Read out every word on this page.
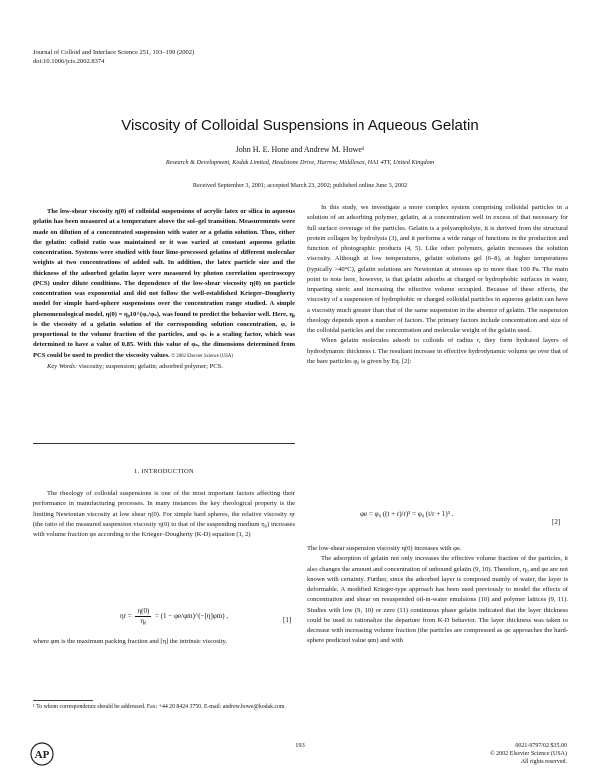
Journal of Colloid and Interface Science 251, 193–199 (2002)
doi:10.1006/jcis.2002.8374
Viscosity of Colloidal Suspensions in Aqueous Gelatin
John H. E. Hone and Andrew M. Howe¹
Research & Development, Kodak Limited, Headstone Drive, Harrow, Middlesex, HA1 4TY, United Kingdom
Received September 3, 2001; accepted March 23, 2002; published online June 3, 2002

The low-shear viscosity η(0) of colloidal suspensions of acrylic latex or silica in aqueous gelatin has been measured at a temperature above the sol–gel transition. Measurements were made on dilution of a concentrated suspension with water or a gelatin solution. Thus, either the gelatin: colloid ratio was maintained or it was varied at constant aqueous gelatin concentration. Systems were studied with four lime-processed gelatins of different molecular weights at two concentrations of added salt. In addition, the latex particle size and the thickness of the adsorbed gelatin layer were measured by photon correlation spectroscopy (PCS) under dilute conditions. The dependence of the low-shear viscosity η(0) on particle concentration was exponential and did not follow the well-established Krieger–Dougherty model for simple hard-sphere suspensions over the concentration range studied. A simple phenomenological model, η(0) = η₀10^(φᵥ/φₛ), was found to predict the behavior well. Here, η₀ is the viscosity of a gelatin solution of the corresponding solution concentration, φᵥ is proportional to the volume fraction of the particles, and φₛ is a scaling factor, which was determined to have a value of 0.85. With this value of φₛ, the dimensions determined from PCS could be used to predict the viscosity values. © 2002 Elsevier Science (USA)

Key Words: viscosity; suspension; gelatin; adsorbed polymer; PCS.

1. INTRODUCTION

The rheology of colloidal suspensions is one of the most important factors affecting their performance in manufacturing processes. In many instances the key rheological property is the limiting Newtonian viscosity at low shear η(0). For simple hard spheres, the relative viscosity ηr (the ratio of the measured suspension viscosity η(0) to that of the suspending medium η₀) increases with volume fraction φe according to the Krieger–Dougherty (K-D) equation (1, 2)

$\eta r = \frac{\eta(0)}{\text{η₀}} = (1$ − φe/φm)^(−[η]φm) ,	[1]
where φm is the maximum packing fraction and [η] the intrinsic viscosity.
¹ To whom correspondence should be addressed. Fax: +44 20 8424 3750. E-mail: andrew.howe@kodak.com.

In this study, we investigate a more complex system comprising colloidal particles in a solution of an adsorbing polymer, gelatin, at a concentration well in excess of that necessary for full surface coverage of the particles. Gelatin is a polyampholyte, it is derived from the structural protein collagen by hydrolysis (3), and it performs a wide range of functions in the production and function of photographic products (4, 5). Like other polymers, gelatin increases the solution viscosity. Although at low temperatures, gelatin solutions gel (6–8), at higher temperatures (typically >40°C), gelatin solutions are Newtonian at stresses up to more than 100 Pa. The main point to note here, however, is that gelatin adsorbs at charged or hydrophobic surfaces in water, imparting steric and increasing the effective volume occupied. Because of these effects, the viscosity of a suspension of hydrophobic or charged colloidal particles in aqueous gelatin can have a viscosity much greater than that of the same suspension in the absence of gelatin. The suspension rheology depends upon a number of factors. The primary factors include concentration and size of the colloidal particles and the concentration and molecular weight of the gelatin used.

When gelatin molecules adsorb to colloids of radius r, they form hydrated layers of hydrodynamic thickness t. The resultant increase in effective hydrodynamic volume φe over that of the bare particles φ₀ is given by Eq. [2]:

φe = φ₀ ((t + r)/r)³ = φ₀ (t/r + 1)³ .
[2]

The low-shear suspension viscosity η(0) increases with φe.

The adsorption of gelatin not only increases the effective volume fraction of the particles, it also changes the amount and concentration of unbound gelatin (9, 10). Therefore, η₀ and φe are not known with certainty. Further, since the adsorbed layer is composed mainly of water, the layer is deformable. A modified Krieger-type approach has been used previously to model the effects of concentration and shear on resuspended oil-in-water emulsions (10) and polymer lattices (9, 11). Studies with low (9, 10) or zero (11) continuous phase gelatin indicated that the layer thickness could be used to rationalize the departure from K-D behavior. The layer thickness was taken to decrease with increasing volume fraction (the particles are compressed as φe approaches the hard-sphere predicted value φm) and with

AP
193	0021-9797/02 $35.00
© 2002 Elsevier Science (USA)
All rights reserved.
